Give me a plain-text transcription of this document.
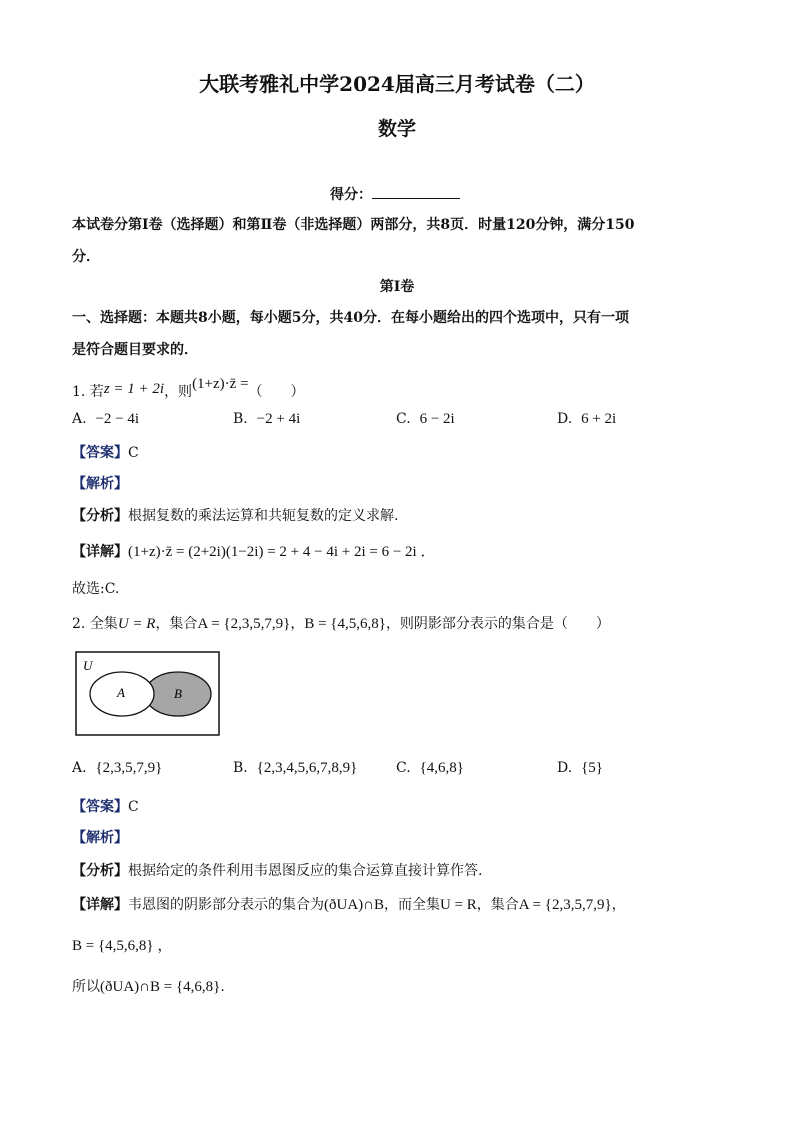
大联考雅礼中学2024届高三月考试卷（二）
数学
得分：
本试卷分第Ⅰ卷（选择题）和第Ⅱ卷（非选择题）两部分，共8页．时量120分钟，满分150
分．
第Ⅰ卷
一、选择题：本题共8小题，每小题5分，共40分．在每小题给出的四个选项中，只有一项
是符合题目要求的．
1. 若z = 1 + 2i，则(1+z)·z̄ =（　　）
A. −2 − 4i	B. −2 + 4i	C. 6 − 2i	D. 6 + 2i
【答案】C
【解析】
【分析】根据复数的乘法运算和共轭复数的定义求解.
【详解】(1+z)·z̄ = (2+2i)(1−2i) = 2 + 4 − 4i + 2i = 6 − 2i ．
故选:C.
2. 全集U = R，集合A = {2,3,5,7,9}，B = {4,5,6,8}，则阴影部分表示的集合是（　　）
U
A	B
A. {2,3,5,7,9}	B. {2,3,4,5,6,7,8,9}	C. {4,6,8}	D. {5}
【答案】C
【解析】
【分析】根据给定的条件利用韦恩图反应的集合运算直接计算作答.
【详解】韦恩图的阴影部分表示的集合为(ðUA)∩B，而全集U = R，集合A = {2,3,5,7,9}，
B = {4,5,6,8} ，
所以(ðUA)∩B = {4,6,8}.
